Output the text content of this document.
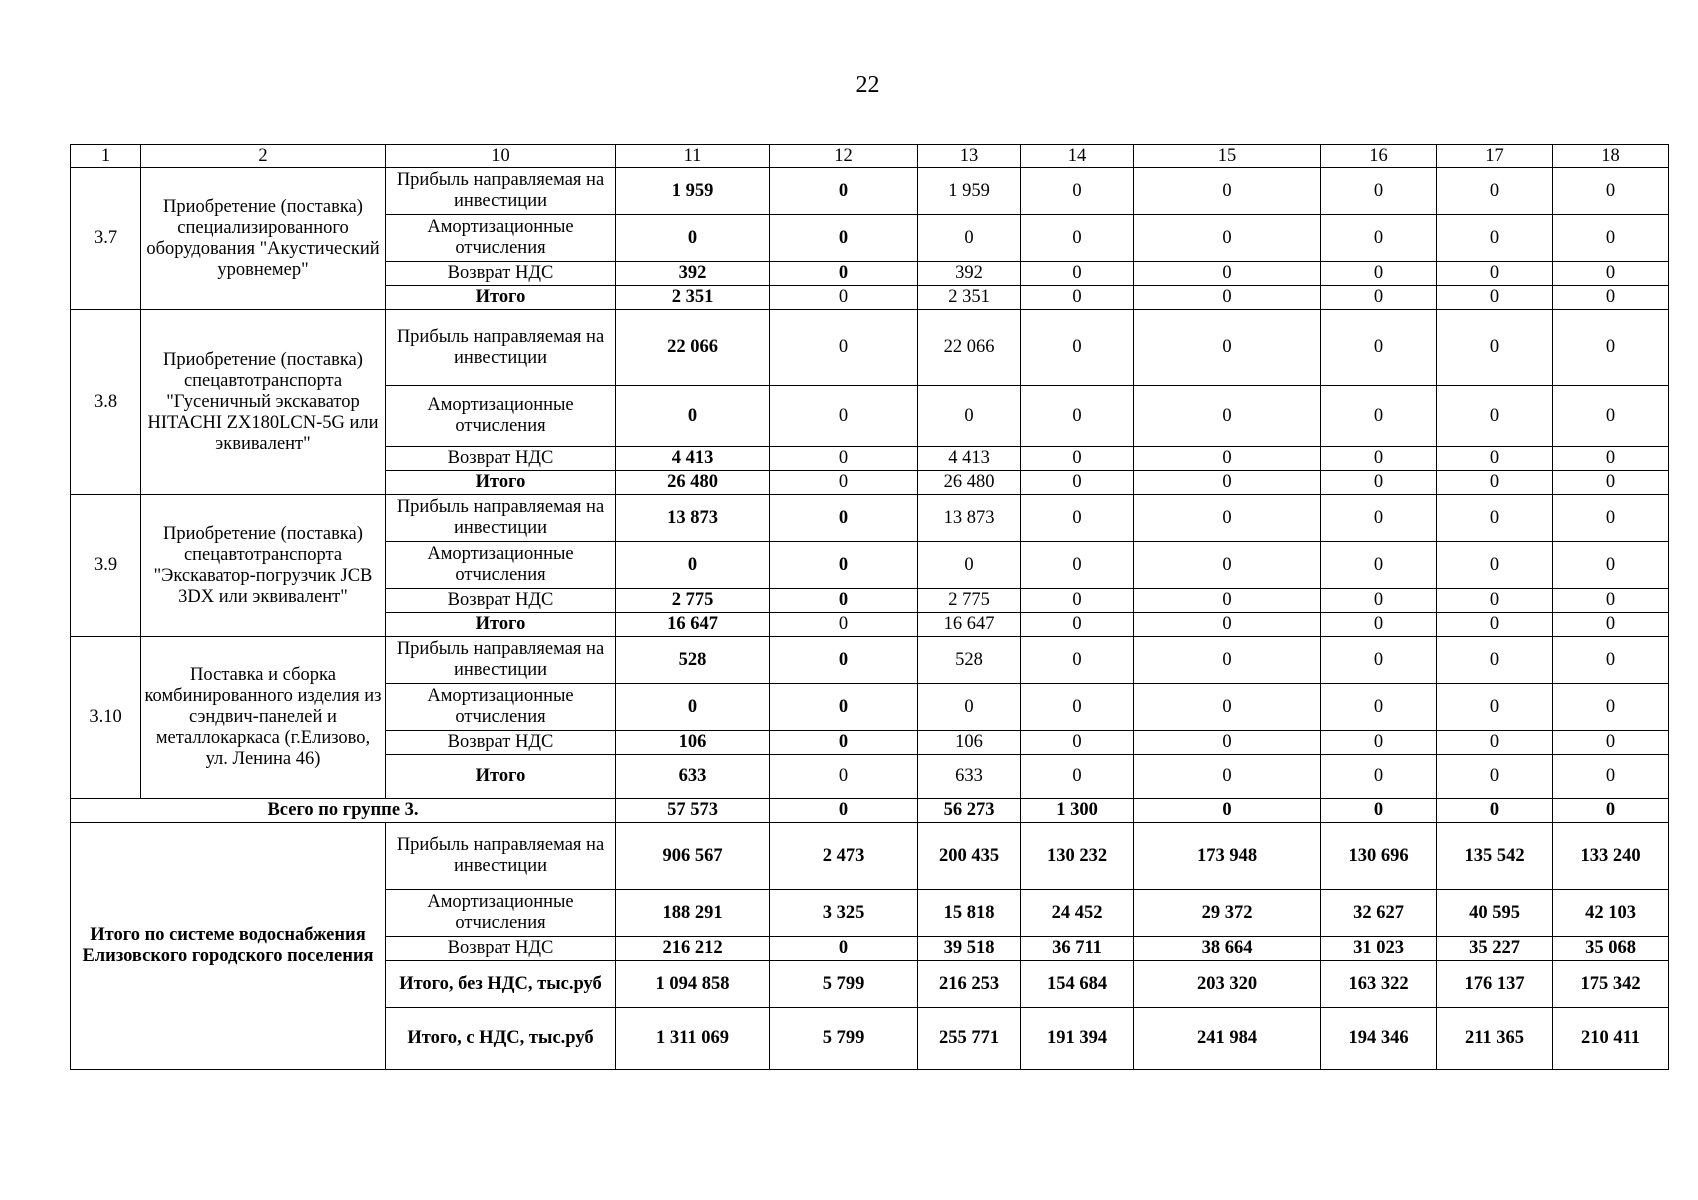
22
1	2	10	11	12	13	14	15	16	17	18
3.7	Приобретение (поставка) специализированного оборудования "Акустический уровнемер"	Прибыль направляемая на инвестиции	1 959	0	1 959	0	0	0	0	0
		Амортизационные отчисления	0	0	0	0	0	0	0	0
		Возврат НДС	392	0	392	0	0	0	0	0
		Итого	2 351	0	2 351	0	0	0	0	0
3.8	Приобретение (поставка) спецавтотранспорта "Гусеничный экскаватор HITACHI ZX180LCN-5G или эквивалент"	Прибыль направляемая на инвестиции	22 066	0	22 066	0	0	0	0	0
		Амортизационные отчисления	0	0	0	0	0	0	0	0
		Возврат НДС	4 413	0	4 413	0	0	0	0	0
		Итого	26 480	0	26 480	0	0	0	0	0
3.9	Приобретение (поставка) спецавтотранспорта "Экскаватор-погрузчик JCB 3DX или эквивалент"	Прибыль направляемая на инвестиции	13 873	0	13 873	0	0	0	0	0
		Амортизационные отчисления	0	0	0	0	0	0	0	0
		Возврат НДС	2 775	0	2 775	0	0	0	0	0
		Итого	16 647	0	16 647	0	0	0	0	0
3.10	Поставка и сборка комбинированного изделия из сэндвич-панелей и металлокаркаса (г.Елизово, ул. Ленина 46)	Прибыль направляемая на инвестиции	528	0	528	0	0	0	0	0
		Амортизационные отчисления	0	0	0	0	0	0	0	0
		Возврат НДС	106	0	106	0	0	0	0	0
		Итого	633	0	633	0	0	0	0	0
Всего по группе 3.			57 573	0	56 273	1 300	0	0	0	0
Итого по системе водоснабжения Елизовского городского поселения		Прибыль направляемая на инвестиции	906 567	2 473	200 435	130 232	173 948	130 696	135 542	133 240
		Амортизационные отчисления	188 291	3 325	15 818	24 452	29 372	32 627	40 595	42 103
		Возврат НДС	216 212	0	39 518	36 711	38 664	31 023	35 227	35 068
		Итого, без НДС, тыс.руб	1 094 858	5 799	216 253	154 684	203 320	163 322	176 137	175 342
		Итого, с НДС, тыс.руб	1 311 069	5 799	255 771	191 394	241 984	194 346	211 365	210 411
